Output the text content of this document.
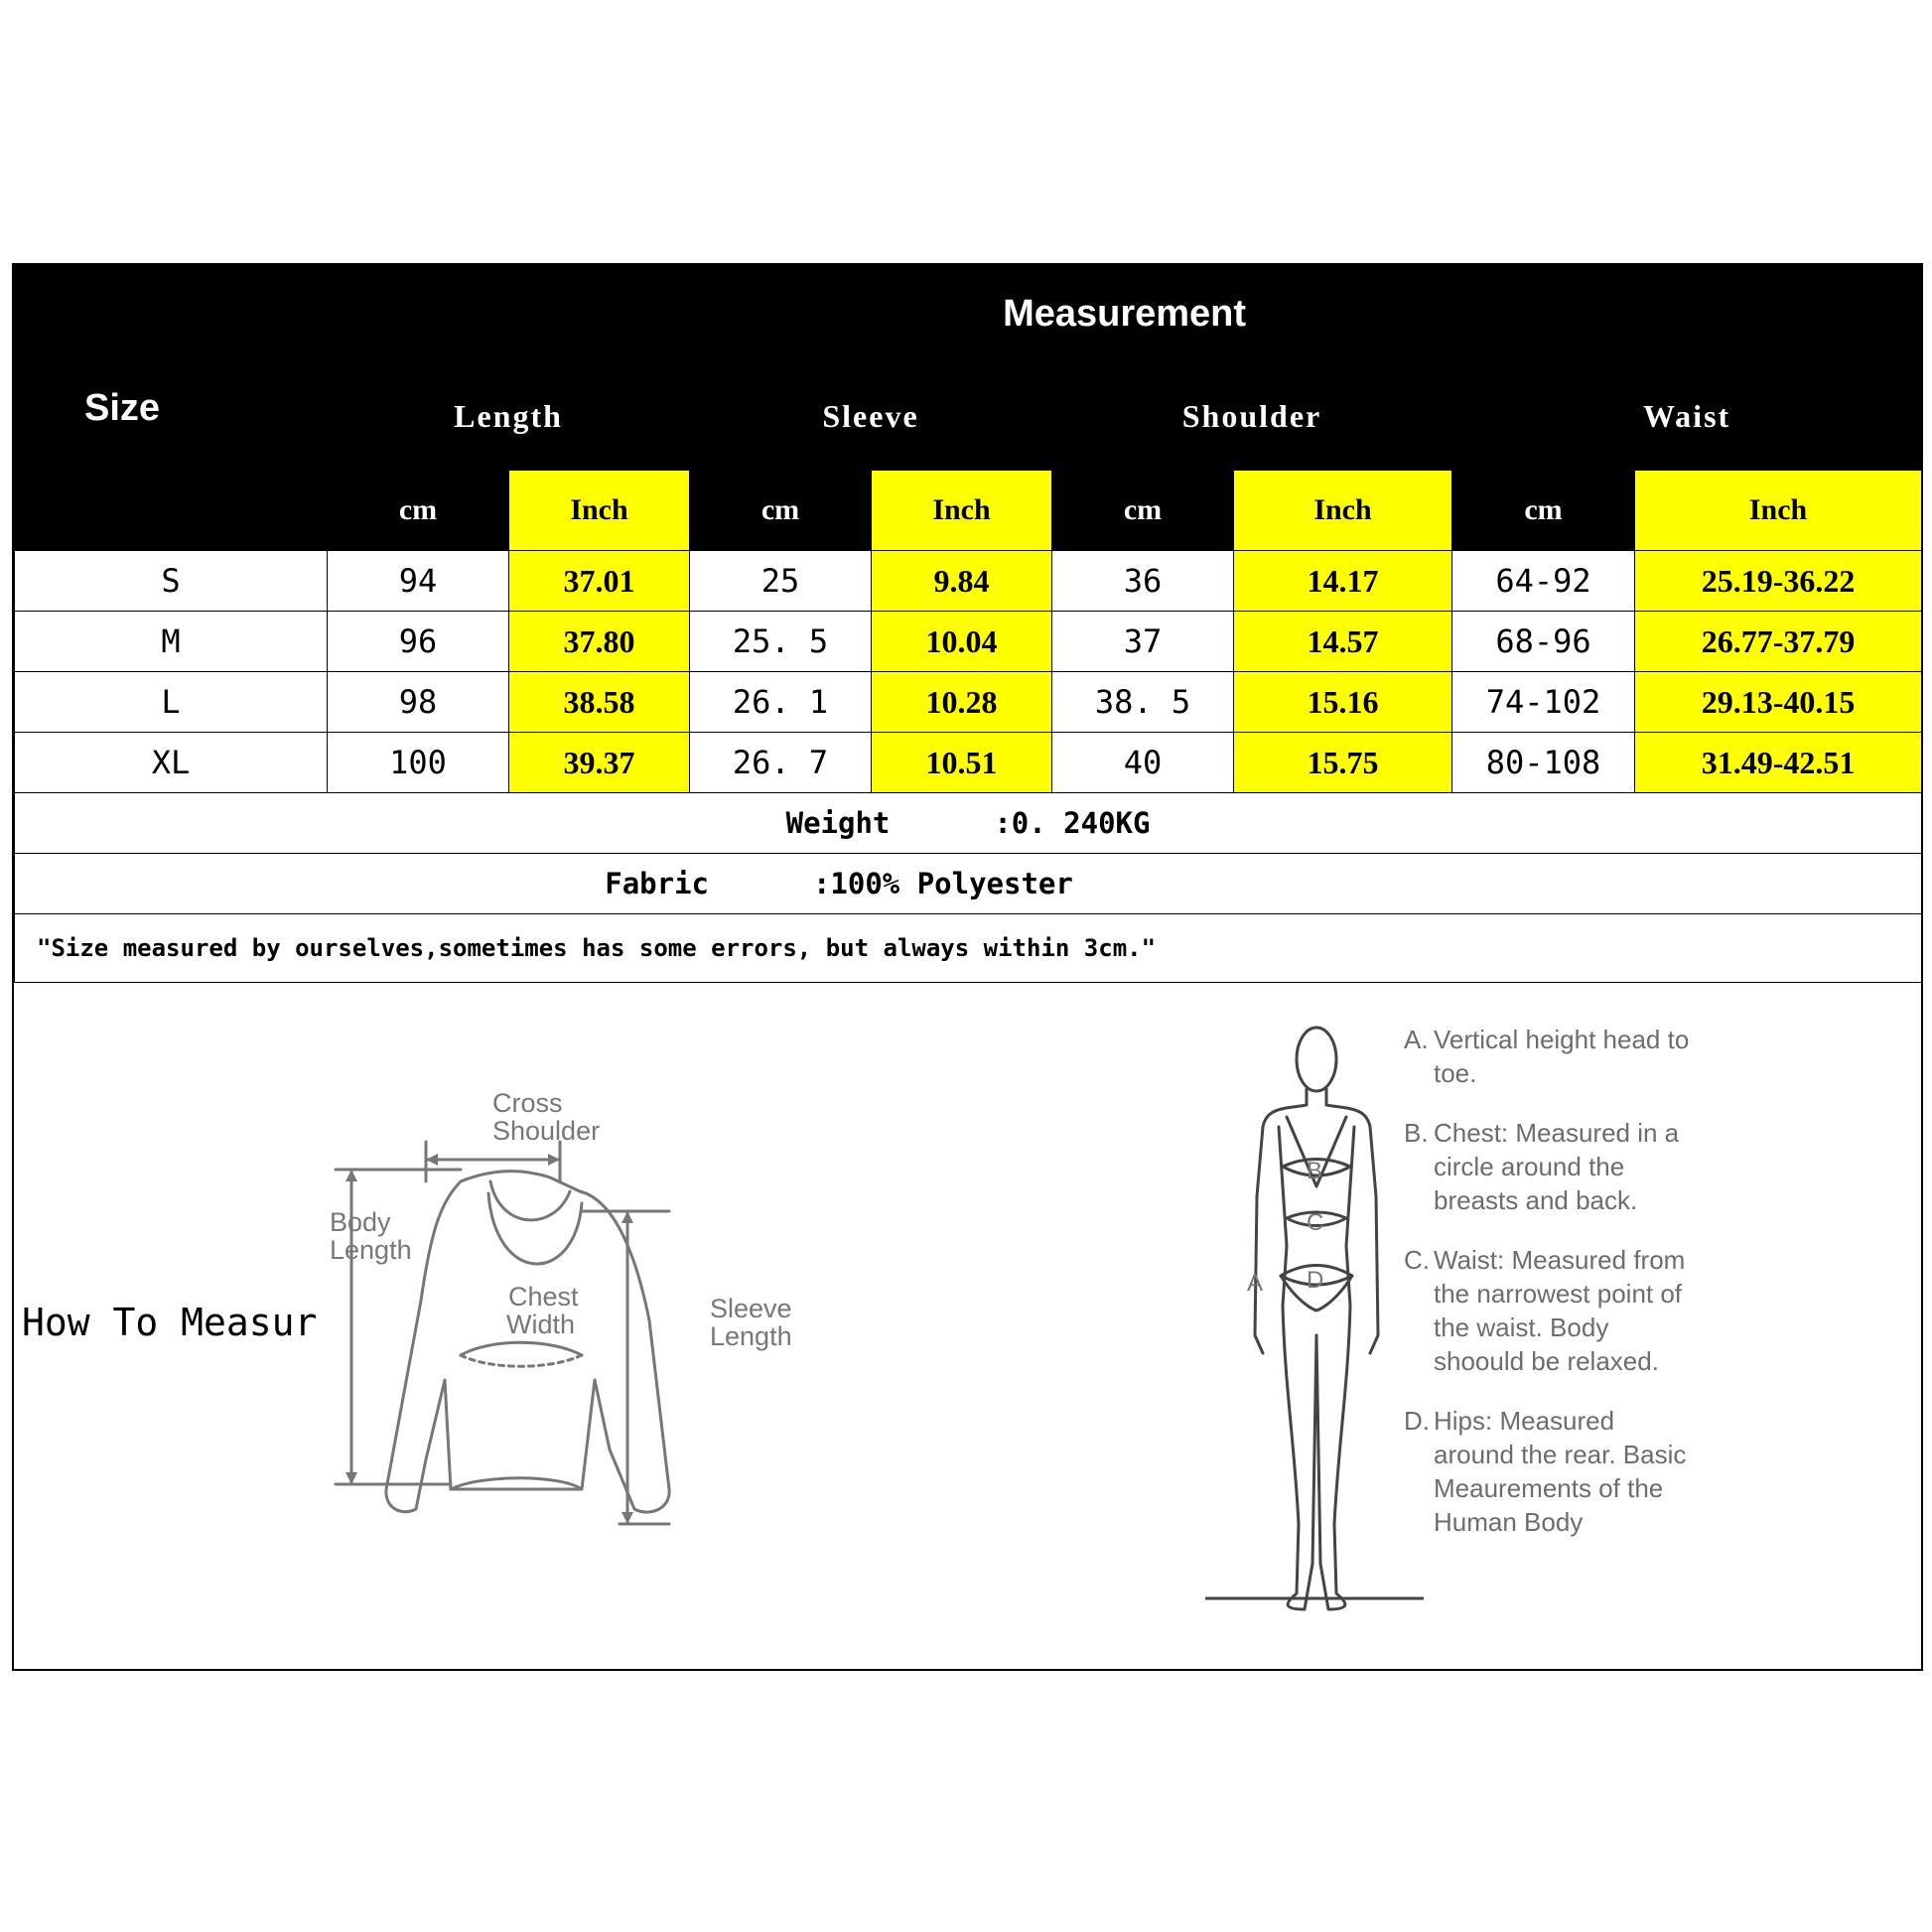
Size	Measurement							
	Length		Sleeve		Shoulder		Waist	
	cm	Inch	cm	Inch	cm	Inch	cm	Inch
S	94	37.01	25	9.84	36	14.17	64-92	25.19-36.22
M	96	37.80	25. 5	10.04	37	14.57	68-96	26.77-37.79
L	98	38.58	26. 1	10.28	38. 5	15.16	74-102	29.13-40.15
XL	100	39.37	26. 7	10.51	40	15.75	80-108	31.49-42.51
Weight :0. 240KG								
Fabric :100% Polyester								
"Size measured by ourselves,sometimes has some errors, but always within 3cm."								
How To Measur
Cross
Shoulder
Body
Length
Chest
Width
Sleeve
Length
B
C
D
A
A. Vertical height head to toe.
B. Chest: Measured in a circle around the breasts and back.
C. Waist: Measured from the narrowest point of the waist. Body shoould be relaxed.
D. Hips: Measured around the rear. Basic Meaurements of the Human Body
